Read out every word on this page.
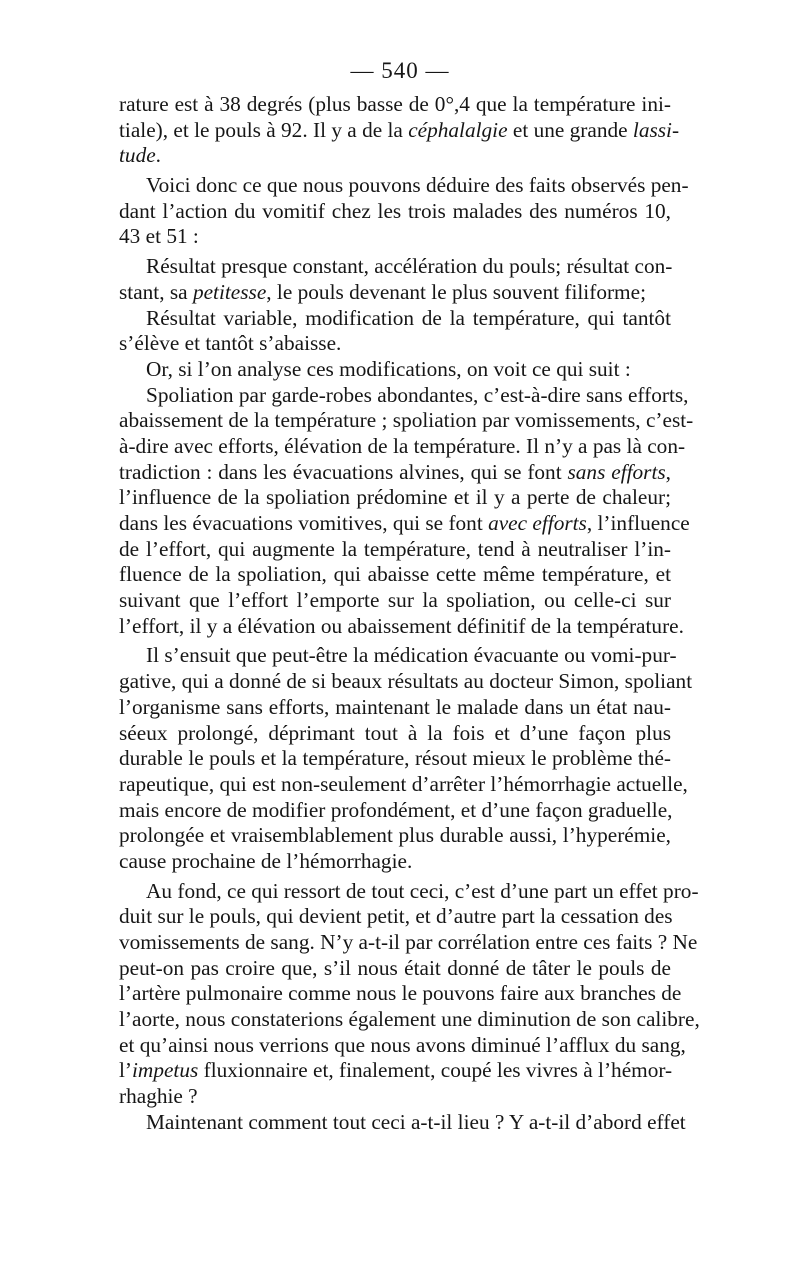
— 540 —
rature est à 38 degrés (plus basse de 0°,4 que la température ini-
tiale), et le pouls à 92. Il y a de la céphalalgie et une grande lassi-
tude.
Voici donc ce que nous pouvons déduire des faits observés pen-
dant l’action du vomitif chez les trois malades des numéros 10,
43 et 51 :
Résultat presque constant, accélération du pouls; résultat con-
stant, sa petitesse, le pouls devenant le plus souvent filiforme;
Résultat variable, modification de la température, qui tantôt
s’élève et tantôt s’abaisse.
Or, si l’on analyse ces modifications, on voit ce qui suit :
Spoliation par garde-robes abondantes, c’est-à-dire sans efforts,
abaissement de la température ; spoliation par vomissements, c’est-
à-dire avec efforts, élévation de la température. Il n’y a pas là con-
tradiction : dans les évacuations alvines, qui se font sans efforts,
l’influence de la spoliation prédomine et il y a perte de chaleur;
dans les évacuations vomitives, qui se font avec efforts, l’influence
de l’effort, qui augmente la température, tend à neutraliser l’in-
fluence de la spoliation, qui abaisse cette même température, et
suivant que l’effort l’emporte sur la spoliation, ou celle-ci sur
l’effort, il y a élévation ou abaissement définitif de la température.
Il s’ensuit que peut-être la médication évacuante ou vomi-pur-
gative, qui a donné de si beaux résultats au docteur Simon, spoliant
l’organisme sans efforts, maintenant le malade dans un état nau-
séeux prolongé, déprimant tout à la fois et d’une façon plus
durable le pouls et la température, résout mieux le problème thé-
rapeutique, qui est non-seulement d’arrêter l’hémorrhagie actuelle,
mais encore de modifier profondément, et d’une façon graduelle,
prolongée et vraisemblablement plus durable aussi, l’hyperémie,
cause prochaine de l’hémorrhagie.
Au fond, ce qui ressort de tout ceci, c’est d’une part un effet pro-
duit sur le pouls, qui devient petit, et d’autre part la cessation des
vomissements de sang. N’y a-t-il par corrélation entre ces faits ? Ne
peut-on pas croire que, s’il nous était donné de tâter le pouls de
l’artère pulmonaire comme nous le pouvons faire aux branches de
l’aorte, nous constaterions également une diminution de son calibre,
et qu’ainsi nous verrions que nous avons diminué l’afflux du sang,
l’impetus fluxionnaire et, finalement, coupé les vivres à l’hémor-
rhaghie ?
Maintenant comment tout ceci a-t-il lieu ? Y a-t-il d’abord effet
